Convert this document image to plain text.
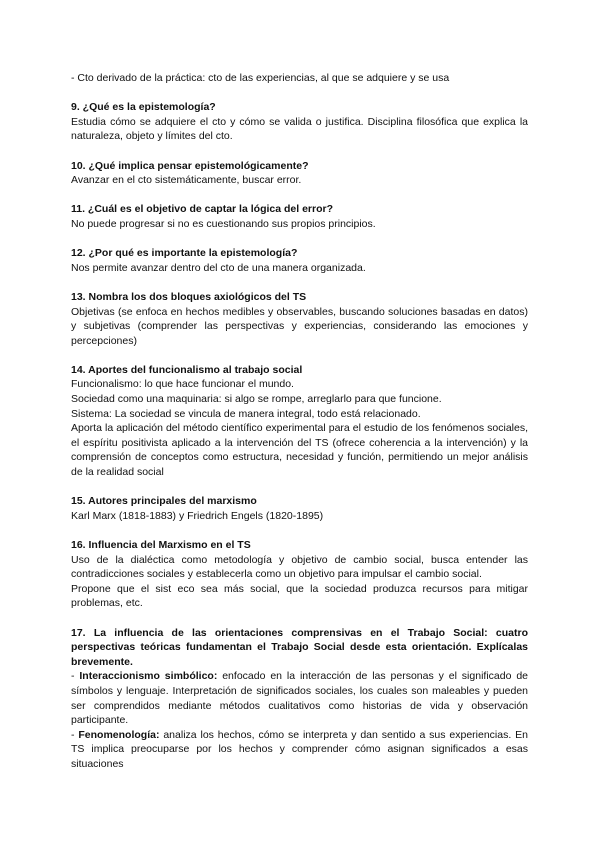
- Cto derivado de la práctica: cto de las experiencias, al que se adquiere y se usa

9. ¿Qué es la epistemología?

Estudia cómo se adquiere el cto y cómo se valida o justifica. Disciplina filosófica que explica la naturaleza, objeto y límites del cto.

10. ¿Qué implica pensar epistemológicamente?

Avanzar en el cto sistemáticamente, buscar error.

11. ¿Cuál es el objetivo de captar la lógica del error?

No puede progresar si no es cuestionando sus propios principios.

12. ¿Por qué es importante la epistemología?

Nos permite avanzar dentro del cto de una manera organizada.

13. Nombra los dos bloques axiológicos del TS

Objetivas (se enfoca en hechos medibles y observables, buscando soluciones basadas en datos) y subjetivas (comprender las perspectivas y experiencias, considerando las emociones y percepciones)

14. Aportes del funcionalismo al trabajo social

Funcionalismo: lo que hace funcionar el mundo.

Sociedad como una maquinaria: si algo se rompe, arreglarlo para que funcione.

Sistema: La sociedad se vincula de manera integral, todo está relacionado.

Aporta la aplicación del método científico experimental para el estudio de los fenómenos sociales, el espíritu positivista aplicado a la intervención del TS (ofrece coherencia a la intervención) y la comprensión de conceptos como estructura, necesidad y función, permitiendo un mejor análisis de la realidad social

15. Autores principales del marxismo

Karl Marx (1818-1883) y Friedrich Engels (1820-1895)

16. Influencia del Marxismo en el TS

Uso de la dialéctica como metodología y objetivo de cambio social, busca entender las contradicciones sociales y establecerla como un objetivo para impulsar el cambio social.

Propone que el sist eco sea más social, que la sociedad produzca recursos para mitigar problemas, etc.

17. La influencia de las orientaciones comprensivas en el Trabajo Social: cuatro perspectivas teóricas fundamentan el Trabajo Social desde esta orientación. Explícalas brevemente.

- Interaccionismo simbólico: enfocado en la interacción de las personas y el significado de símbolos y lenguaje. Interpretación de significados sociales, los cuales son maleables y pueden ser comprendidos mediante métodos cualitativos como historias de vida y observación participante.

- Fenomenología: analiza los hechos, cómo se interpreta y dan sentido a sus experiencias. En TS implica preocuparse por los hechos y comprender cómo asignan significados a esas situaciones
